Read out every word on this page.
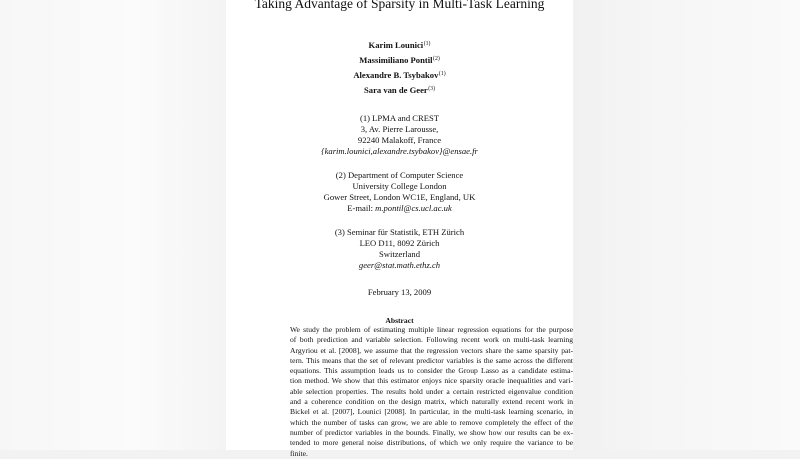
Taking Advantage of Sparsity in Multi-Task Learning
Karim Lounici$^{(1)}$
Massimiliano Pontil$^{(2)}$
Alexandre B. Tsybakov$^{(1)}$
Sara van de Geer$^{(3)}$
(1) LPMA and CREST
3, Av. Pierre Larousse,
92240 Malakoff, France
{karim.lounici,alexandre.tsybakov}@ensae.fr
(2) Department of Computer Science
University College London
Gower Street, London WC1E, England, UK
E-mail: m.pontil@cs.ucl.ac.uk
(3) Seminar für Statistik, ETH Zürich
LEO D11, 8092 Zürich
Switzerland
geer@stat.math.ethz.ch
February 13, 2009
Abstract
We study the problem of estimating multiple linear regression equations for the purpose
of both prediction and variable selection. Following recent work on multi-task learning
Argyriou et al. [2008], we assume that the regression vectors share the same sparsity pat-
tern. This means that the set of relevant predictor variables is the same across the different
equations. This assumption leads us to consider the Group Lasso as a candidate estima-
tion method. We show that this estimator enjoys nice sparsity oracle inequalities and vari-
able selection properties. The results hold under a certain restricted eigenvalue condition
and a coherence condition on the design matrix, which naturally extend recent work in
Bickel et al. [2007], Lounici [2008]. In particular, in the multi-task learning scenario, in
which the number of tasks can grow, we are able to remove completely the effect of the
number of predictor variables in the bounds. Finally, we show how our results can be ex-
tended to more general noise distributions, of which we only require the variance to be
finite.
